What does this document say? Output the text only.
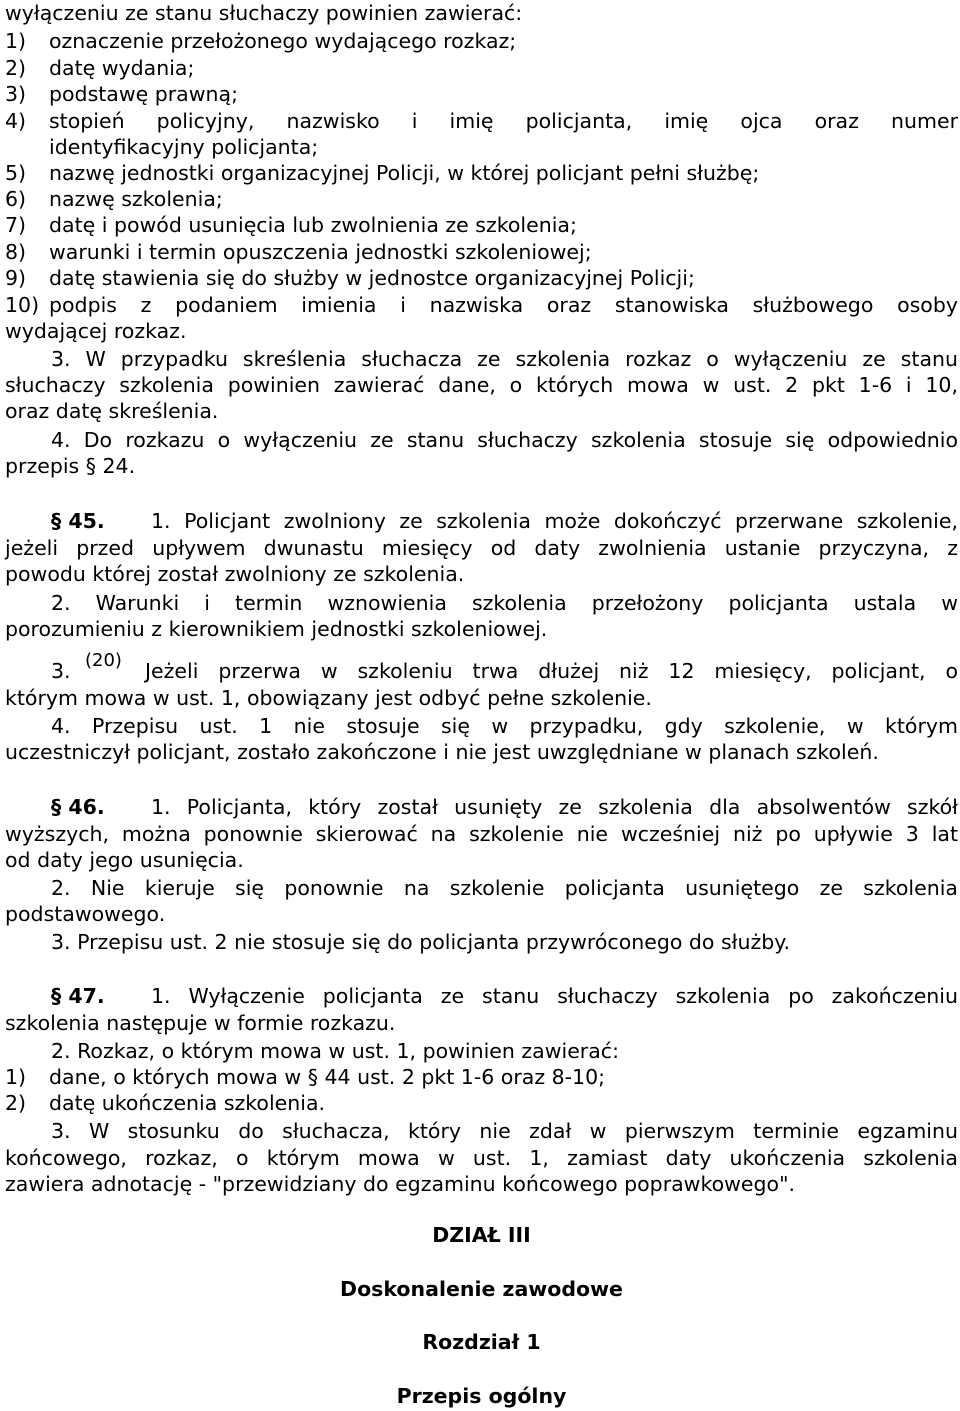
wyłączeniu ze stanu słuchaczy powinien zawierać:
1) oznaczenie przełożonego wydającego rozkaz;
2) datę wydania;
3) podstawę prawną;
4) stopień policyjny, nazwisko i imię policjanta, imię ojca oraz numer
identyfikacyjny policjanta;
5) nazwę jednostki organizacyjnej Policji, w której policjant pełni służbę;
6) nazwę szkolenia;
7) datę i powód usunięcia lub zwolnienia ze szkolenia;
8) warunki i termin opuszczenia jednostki szkoleniowej;
9) datę stawienia się do służby w jednostce organizacyjnej Policji;
10) podpis z podaniem imienia i nazwiska oraz stanowiska służbowego osoby
wydającej rozkaz.
3. W przypadku skreślenia słuchacza ze szkolenia rozkaz o wyłączeniu ze stanu
słuchaczy szkolenia powinien zawierać dane, o których mowa w ust. 2 pkt 1-6 i 10,
oraz datę skreślenia.
4. Do rozkazu o wyłączeniu ze stanu słuchaczy szkolenia stosuje się odpowiednio
przepis § 24.
§ 45. 1. Policjant zwolniony ze szkolenia może dokończyć przerwane szkolenie,
jeżeli przed upływem dwunastu miesięcy od daty zwolnienia ustanie przyczyna, z
powodu której został zwolniony ze szkolenia.
2. Warunki i termin wznowienia szkolenia przełożony policjanta ustala w
porozumieniu z kierownikiem jednostki szkoleniowej.
3. (20) Jeżeli przerwa w szkoleniu trwa dłużej niż 12 miesięcy, policjant, o
którym mowa w ust. 1, obowiązany jest odbyć pełne szkolenie.
4. Przepisu ust. 1 nie stosuje się w przypadku, gdy szkolenie, w którym
uczestniczył policjant, zostało zakończone i nie jest uwzględniane w planach szkoleń.
§ 46. 1. Policjanta, który został usunięty ze szkolenia dla absolwentów szkół
wyższych, można ponownie skierować na szkolenie nie wcześniej niż po upływie 3 lat
od daty jego usunięcia.
2. Nie kieruje się ponownie na szkolenie policjanta usuniętego ze szkolenia
podstawowego.
3. Przepisu ust. 2 nie stosuje się do policjanta przywróconego do służby.
§ 47. 1. Wyłączenie policjanta ze stanu słuchaczy szkolenia po zakończeniu
szkolenia następuje w formie rozkazu.
2. Rozkaz, o którym mowa w ust. 1, powinien zawierać:
1) dane, o których mowa w § 44 ust. 2 pkt 1-6 oraz 8-10;
2) datę ukończenia szkolenia.
3. W stosunku do słuchacza, który nie zdał w pierwszym terminie egzaminu
końcowego, rozkaz, o którym mowa w ust. 1, zamiast daty ukończenia szkolenia
zawiera adnotację - "przewidziany do egzaminu końcowego poprawkowego".
DZIAŁ III
Doskonalenie zawodowe
Rozdział 1
Przepis ogólny
